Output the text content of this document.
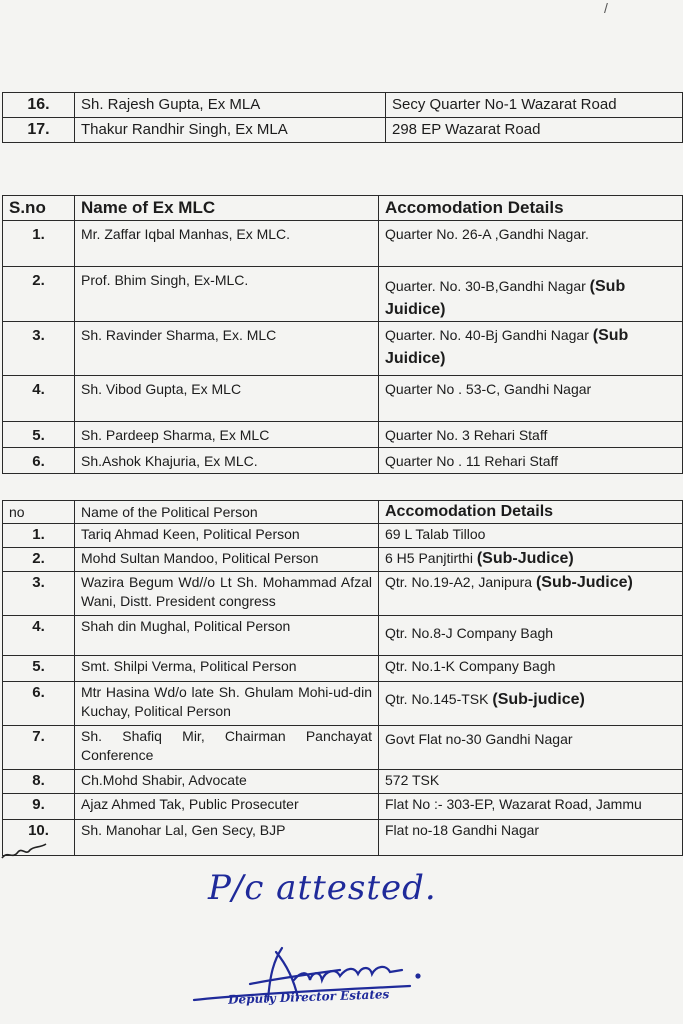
/
16.	Sh. Rajesh Gupta, Ex MLA	Secy Quarter No-1 Wazarat Road
17.	Thakur Randhir Singh, Ex MLA	298 EP Wazarat Road
S.no	Name of Ex MLC	Accomodation Details
1.	Mr. Zaffar Iqbal Manhas, Ex MLC.	Quarter No. 26-A ,Gandhi Nagar.
2.	Prof. Bhim Singh, Ex-MLC.	Quarter. No. 30-B,Gandhi Nagar (Sub Juidice)
3.	Sh. Ravinder Sharma, Ex. MLC	Quarter. No. 40-Bj Gandhi Nagar (Sub Juidice)
4.	Sh. Vibod Gupta, Ex MLC	Quarter No . 53-C, Gandhi Nagar
5.	Sh. Pardeep Sharma, Ex MLC	Quarter No. 3 Rehari Staff
6.	Sh.Ashok Khajuria, Ex MLC.	Quarter No . 11 Rehari Staff
no	Name of the Political Person	Accomodation Details
1.	Tariq Ahmad Keen, Political Person	69 L Talab Tilloo
2.	Mohd Sultan Mandoo, Political Person	6 H5 Panjtirthi (Sub-Judice)
3.	Wazira Begum Wd//o Lt Sh. Mohammad Afzal Wani, Distt. President congress	Qtr. No.19-A2, Janipura (Sub-Judice)
4.	Shah din Mughal, Political Person	Qtr. No.8-J Company Bagh
5.	Smt. Shilpi Verma, Political Person	Qtr. No.1-K Company Bagh
6.	Mtr Hasina Wd/o late Sh. Ghulam Mohi-ud-din Kuchay, Political Person	Qtr. No.145-TSK (Sub-judice)
7.	Sh. Shafiq Mir, Chairman Panchayat Conference	Govt Flat no-30 Gandhi Nagar
8.	Ch.Mohd Shabir, Advocate	572 TSK
9.	Ajaz Ahmed Tak, Public Prosecuter	Flat No :- 303-EP, Wazarat Road, Jammu
10.	Sh. Manohar Lal, Gen Secy, BJP	Flat no-18 Gandhi Nagar
P/c attested.
Deputy Director Estates
